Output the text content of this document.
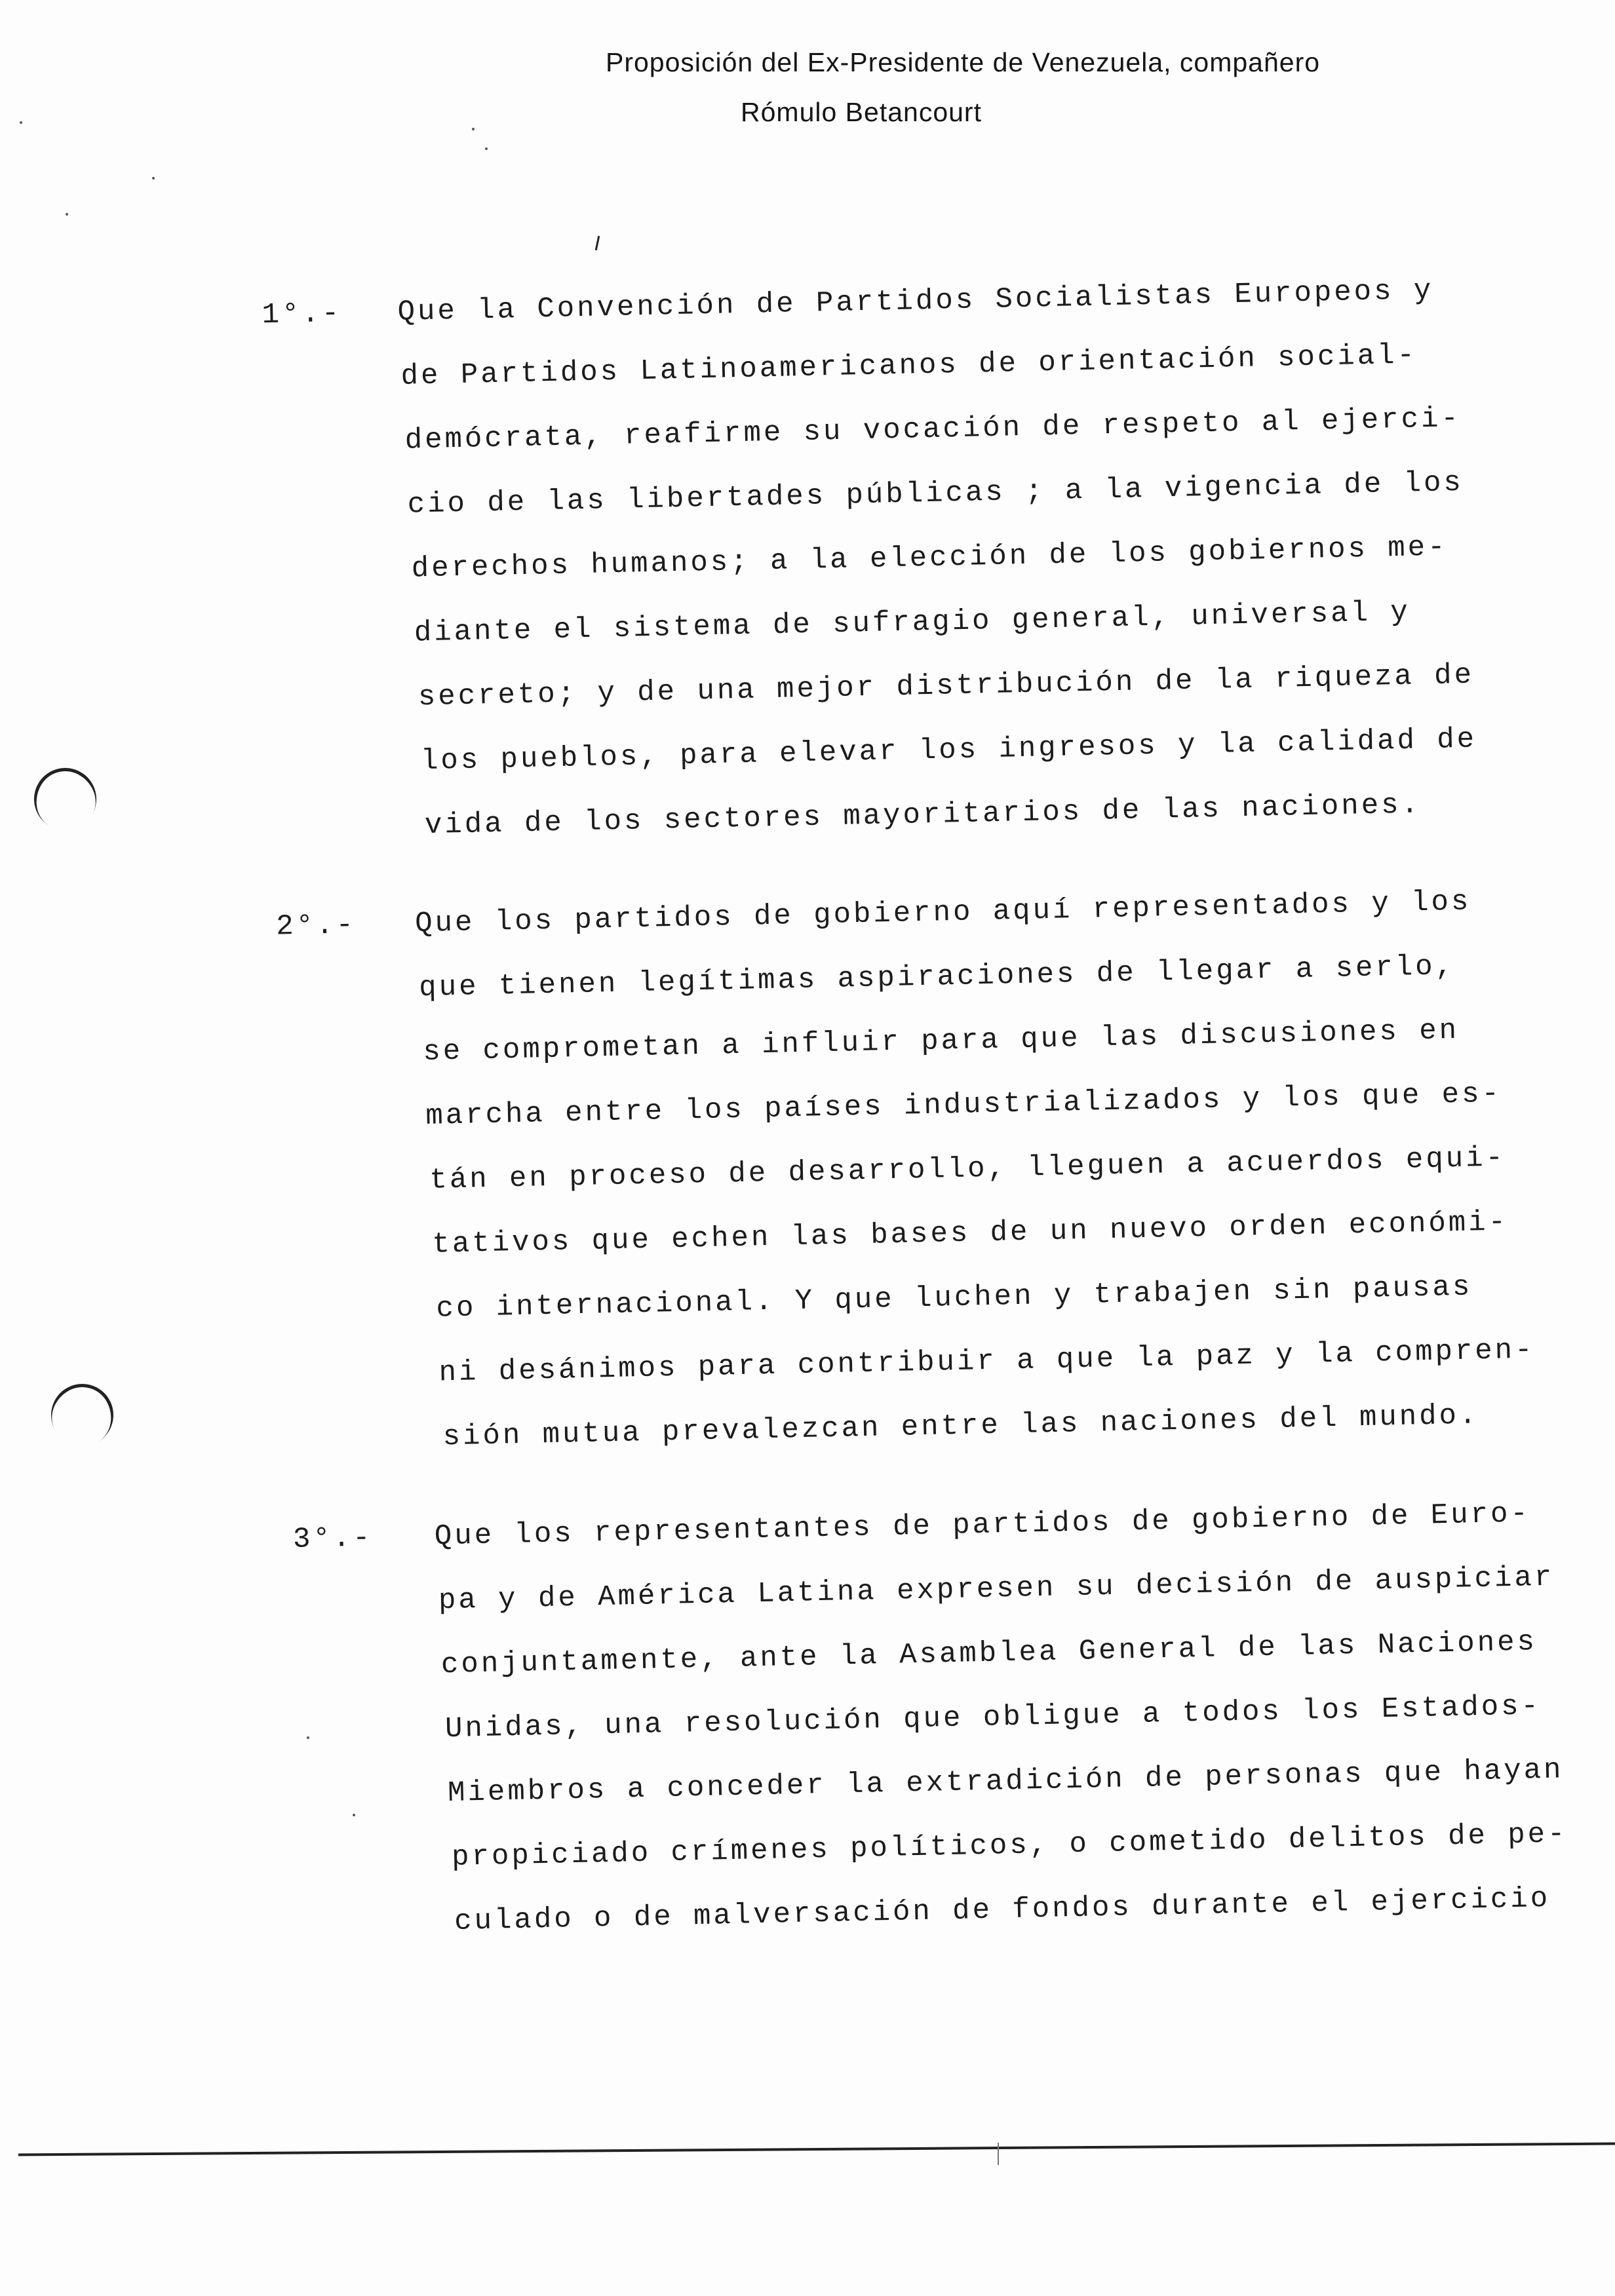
Proposición del Ex-Presidente de Venezuela, compañero
Rómulo Betancourt
1°.- Que la Convención de Partidos Socialistas Europeos y
de Partidos Latinoamericanos de orientación social-
demócrata, reafirme su vocación de respeto al ejerci-
cio de las libertades públicas ; a la vigencia de los
derechos humanos; a la elección de los gobiernos me-
diante el sistema de sufragio general, universal y
secreto; y de una mejor distribución de la riqueza de
los pueblos, para elevar los ingresos y la calidad de
vida de los sectores mayoritarios de las naciones.
2°.- Que los partidos de gobierno aquí representados y los
que tienen legítimas aspiraciones de llegar a serlo,
se comprometan a influir para que las discusiones en
marcha entre los países industrializados y los que es-
tán en proceso de desarrollo, lleguen a acuerdos equi-
tativos que echen las bases de un nuevo orden económi-
co internacional. Y que luchen y trabajen sin pausas
ni desánimos para contribuir a que la paz y la compren-
sión mutua prevalezcan entre las naciones del mundo.
3°.- Que los representantes de partidos de gobierno de Euro-
pa y de América Latina expresen su decisión de auspiciar
conjuntamente, ante la Asamblea General de las Naciones
Unidas, una resolución que obligue a todos los Estados-
Miembros a conceder la extradición de personas que hayan
propiciado crímenes políticos, o cometido delitos de pe-
culado o de malversación de fondos durante el ejercicio
